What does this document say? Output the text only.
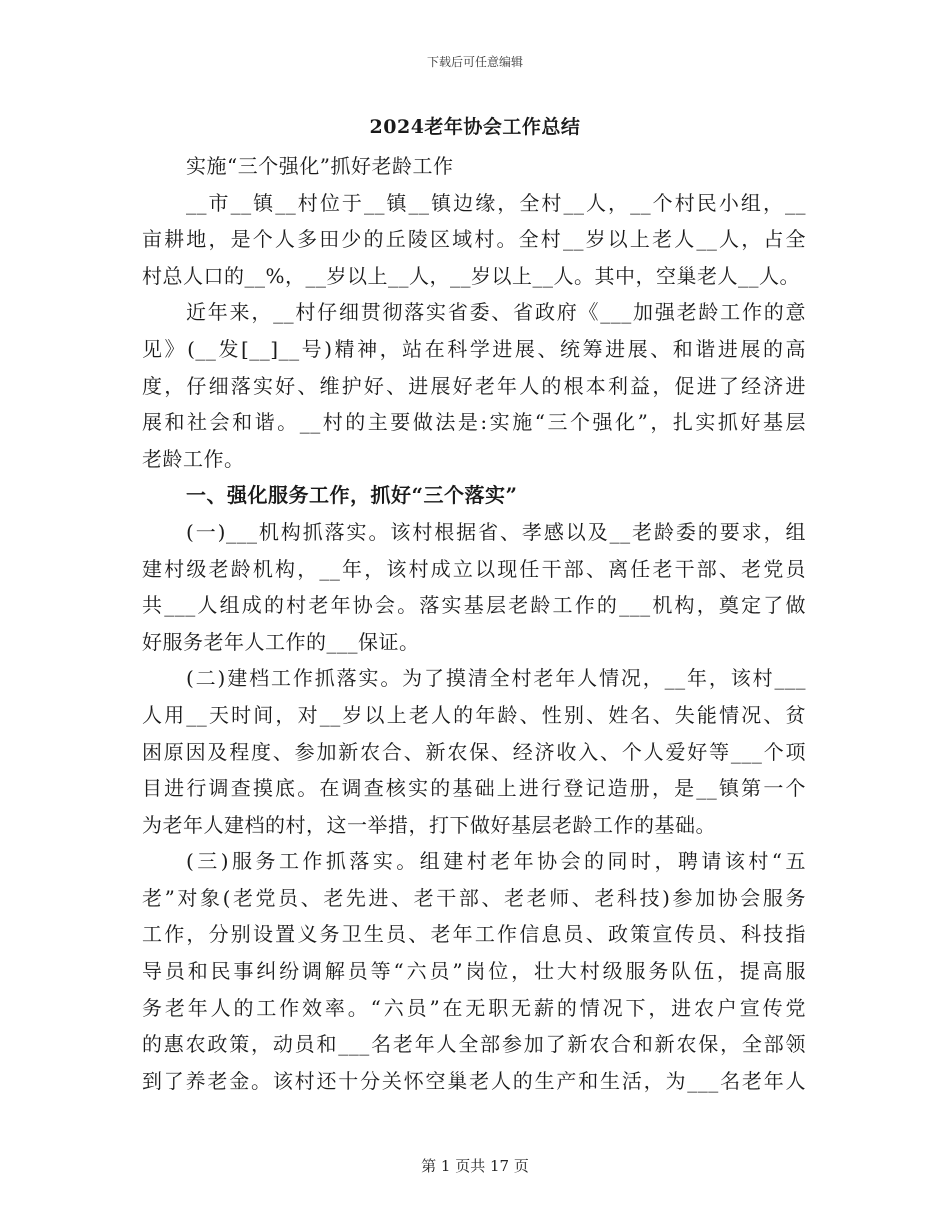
下载后可任意编辑
2024老年协会工作总结
实施“三个强化”抓好老龄工作
__市__镇__村位于__镇__镇边缘，全村__人，__个村民小组，__
亩耕地，是个人多田少的丘陵区域村。全村__岁以上老人__人，占全
村总人口的__%，__岁以上__人，__岁以上__人。其中，空巢老人__人。
近年来，__村仔细贯彻落实省委、省政府《___加强老龄工作的意
见》(__发[__]__号)精神，站在科学进展、统筹进展、和谐进展的高
度，仔细落实好、维护好、进展好老年人的根本利益，促进了经济进
展和社会和谐。__村的主要做法是:实施“三个强化”，扎实抓好基层
老龄工作。
一、强化服务工作，抓好“三个落实”
(一)___机构抓落实。该村根据省、孝感以及__老龄委的要求，组
建村级老龄机构，__年，该村成立以现任干部、离任老干部、老党员
共___人组成的村老年协会。落实基层老龄工作的___机构，奠定了做
好服务老年人工作的___保证。
(二)建档工作抓落实。为了摸清全村老年人情况，__年，该村___
人用__天时间，对__岁以上老人的年龄、性别、姓名、失能情况、贫
困原因及程度、参加新农合、新农保、经济收入、个人爱好等___个项
目进行调查摸底。在调查核实的基础上进行登记造册，是__镇第一个
为老年人建档的村，这一举措，打下做好基层老龄工作的基础。
(三)服务工作抓落实。组建村老年协会的同时，聘请该村“五
老”对象(老党员、老先进、老干部、老老师、老科技)参加协会服务
工作，分别设置义务卫生员、老年工作信息员、政策宣传员、科技指
导员和民事纠纷调解员等“六员”岗位，壮大村级服务队伍，提高服
务老年人的工作效率。“六员”在无职无薪的情况下，进农户宣传党
的惠农政策，动员和___名老年人全部参加了新农合和新农保，全部领
到了养老金。该村还十分关怀空巢老人的生产和生活，为___名老年人
第 1 页共 17 页
